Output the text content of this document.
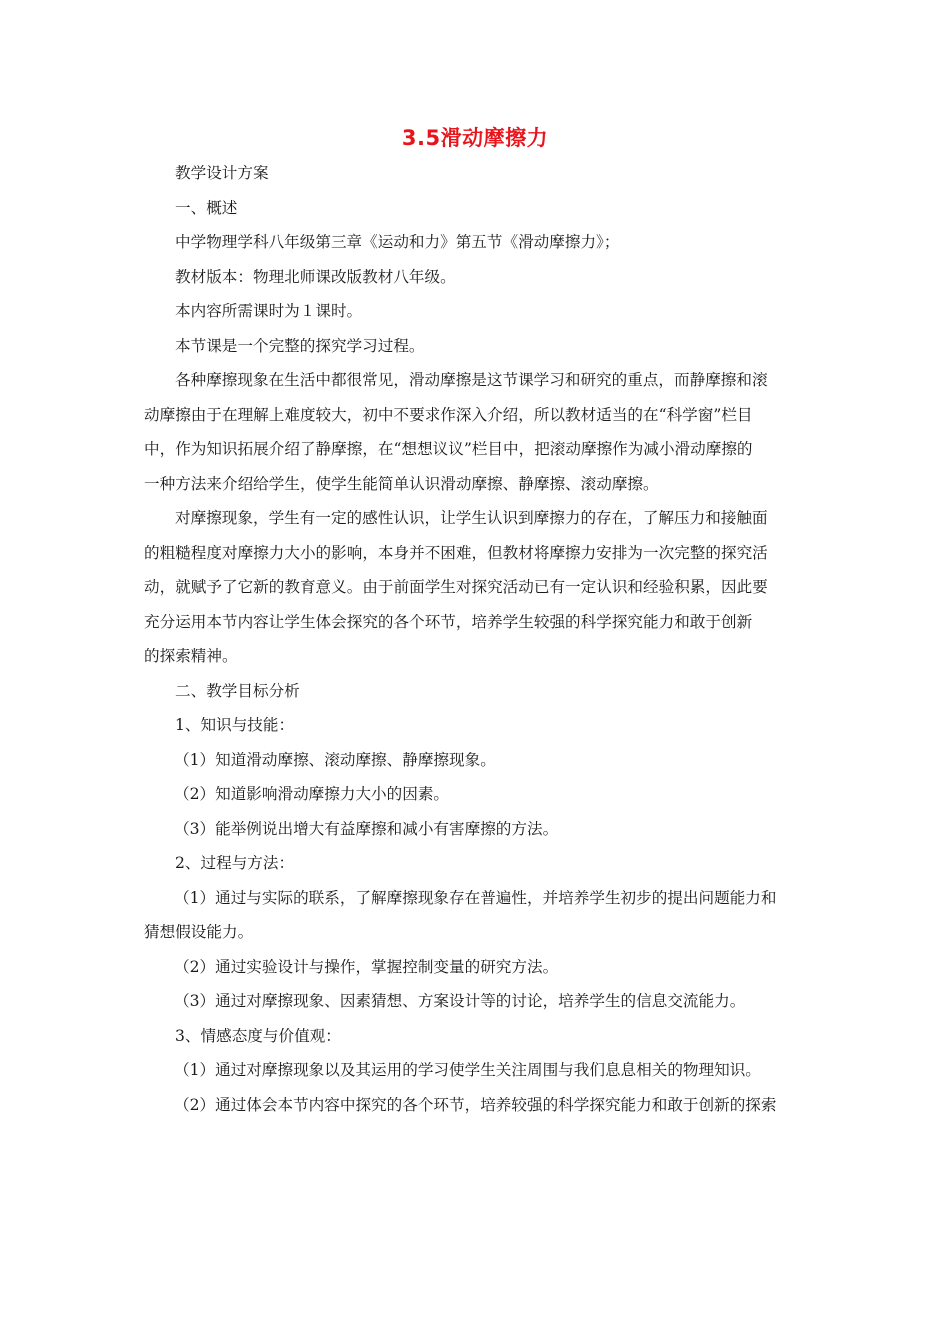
3.5滑动摩擦力

教学设计方案

一、概述

中学物理学科八年级第三章《运动和力》第五节《滑动摩擦力》；

教材版本：物理北师课改版教材八年级。

本内容所需课时为１课时。

本节课是一个完整的探究学习过程。

各种摩擦现象在生活中都很常见，滑动摩擦是这节课学习和研究的重点，而静摩擦和滚

动摩擦由于在理解上难度较大，初中不要求作深入介绍，所以教材适当的在“科学窗”栏目

中，作为知识拓展介绍了静摩擦，在“想想议议”栏目中，把滚动摩擦作为减小滑动摩擦的

一种方法来介绍给学生，使学生能简单认识滑动摩擦、静摩擦、滚动摩擦。

对摩擦现象，学生有一定的感性认识，让学生认识到摩擦力的存在，了解压力和接触面

的粗糙程度对摩擦力大小的影响，本身并不困难，但教材将摩擦力安排为一次完整的探究活

动，就赋予了它新的教育意义。由于前面学生对探究活动已有一定认识和经验积累，因此要

充分运用本节内容让学生体会探究的各个环节，培养学生较强的科学探究能力和敢于创新

的探索精神。

二、教学目标分析

1、知识与技能：

（1）知道滑动摩擦、滚动摩擦、静摩擦现象。

（2）知道影响滑动摩擦力大小的因素。

（3）能举例说出增大有益摩擦和减小有害摩擦的方法。

2、过程与方法：

（1）通过与实际的联系，了解摩擦现象存在普遍性，并培养学生初步的提出问题能力和

猜想假设能力。

（2）通过实验设计与操作，掌握控制变量的研究方法。

（3）通过对摩擦现象、因素猜想、方案设计等的讨论，培养学生的信息交流能力。

3、情感态度与价值观：

（1）通过对摩擦现象以及其运用的学习使学生关注周围与我们息息相关的物理知识。

（2）通过体会本节内容中探究的各个环节，培养较强的科学探究能力和敢于创新的探索
